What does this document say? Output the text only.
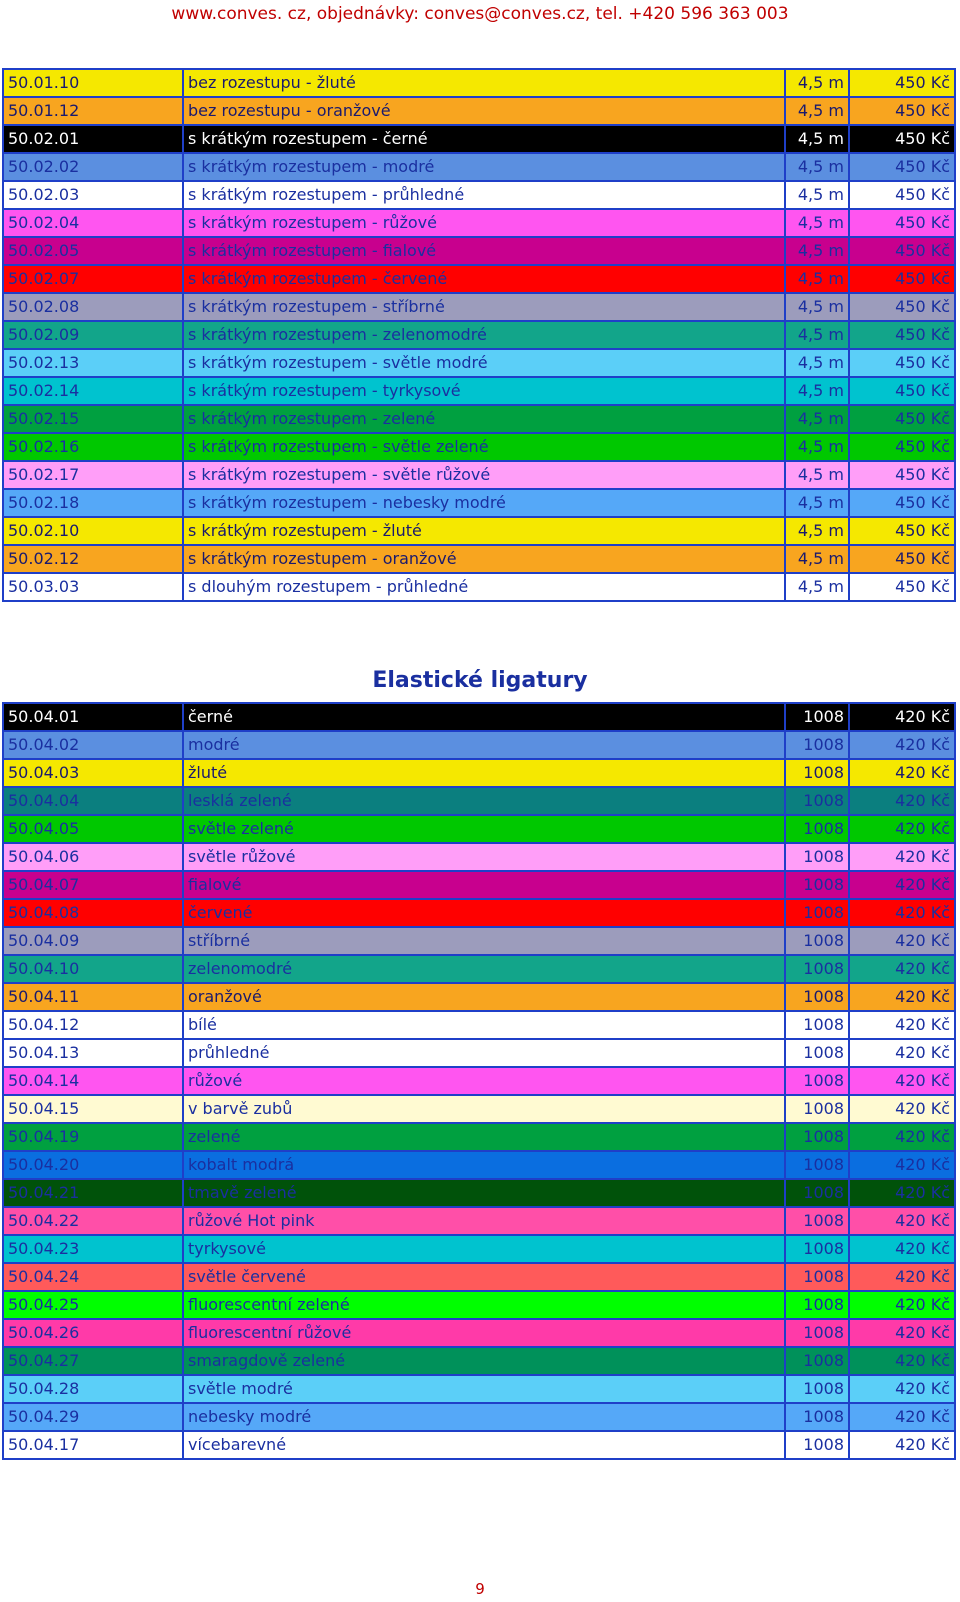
www.conves. cz, objednávky: conves@conves.cz, tel. +420 596 363 003
50.01.10	bez rozestupu - žluté	4,5 m	450 Kč
50.01.12	bez rozestupu - oranžové	4,5 m	450 Kč
50.02.01	s krátkým rozestupem - černé	4,5 m	450 Kč
50.02.02	s krátkým rozestupem - modré	4,5 m	450 Kč
50.02.03	s krátkým rozestupem - průhledné	4,5 m	450 Kč
50.02.04	s krátkým rozestupem - růžové	4,5 m	450 Kč
50.02.05	s krátkým rozestupem - fialové	4,5 m	450 Kč
50.02.07	s krátkým rozestupem - červené	4,5 m	450 Kč
50.02.08	s krátkým rozestupem - stříbrné	4,5 m	450 Kč
50.02.09	s krátkým rozestupem - zelenomodré	4,5 m	450 Kč
50.02.13	s krátkým rozestupem - světle modré	4,5 m	450 Kč
50.02.14	s krátkým rozestupem - tyrkysové	4,5 m	450 Kč
50.02.15	s krátkým rozestupem - zelené	4,5 m	450 Kč
50.02.16	s krátkým rozestupem - světle zelené	4,5 m	450 Kč
50.02.17	s krátkým rozestupem - světle růžové	4,5 m	450 Kč
50.02.18	s krátkým rozestupem - nebesky modré	4,5 m	450 Kč
50.02.10	s krátkým rozestupem - žluté	4,5 m	450 Kč
50.02.12	s krátkým rozestupem - oranžové	4,5 m	450 Kč
50.03.03	s dlouhým rozestupem - průhledné	4,5 m	450 Kč
Elastické ligatury
50.04.01	černé	1008	420 Kč
50.04.02	modré	1008	420 Kč
50.04.03	žluté	1008	420 Kč
50.04.04	lesklá zelené	1008	420 Kč
50.04.05	světle zelené	1008	420 Kč
50.04.06	světle růžové	1008	420 Kč
50.04.07	fialové	1008	420 Kč
50.04.08	červené	1008	420 Kč
50.04.09	stříbrné	1008	420 Kč
50.04.10	zelenomodré	1008	420 Kč
50.04.11	oranžové	1008	420 Kč
50.04.12	bílé	1008	420 Kč
50.04.13	průhledné	1008	420 Kč
50.04.14	růžové	1008	420 Kč
50.04.15	v barvě zubů	1008	420 Kč
50.04.19	zelené	1008	420 Kč
50.04.20	kobalt modrá	1008	420 Kč
50.04.21	tmavě zelené	1008	420 Kč
50.04.22	růžové Hot pink	1008	420 Kč
50.04.23	tyrkysové	1008	420 Kč
50.04.24	světle červené	1008	420 Kč
50.04.25	fluorescentní zelené	1008	420 Kč
50.04.26	fluorescentní růžové	1008	420 Kč
50.04.27	smaragdově zelené	1008	420 Kč
50.04.28	světle modré	1008	420 Kč
50.04.29	nebesky modré	1008	420 Kč
50.04.17	vícebarevné	1008	420 Kč
9
